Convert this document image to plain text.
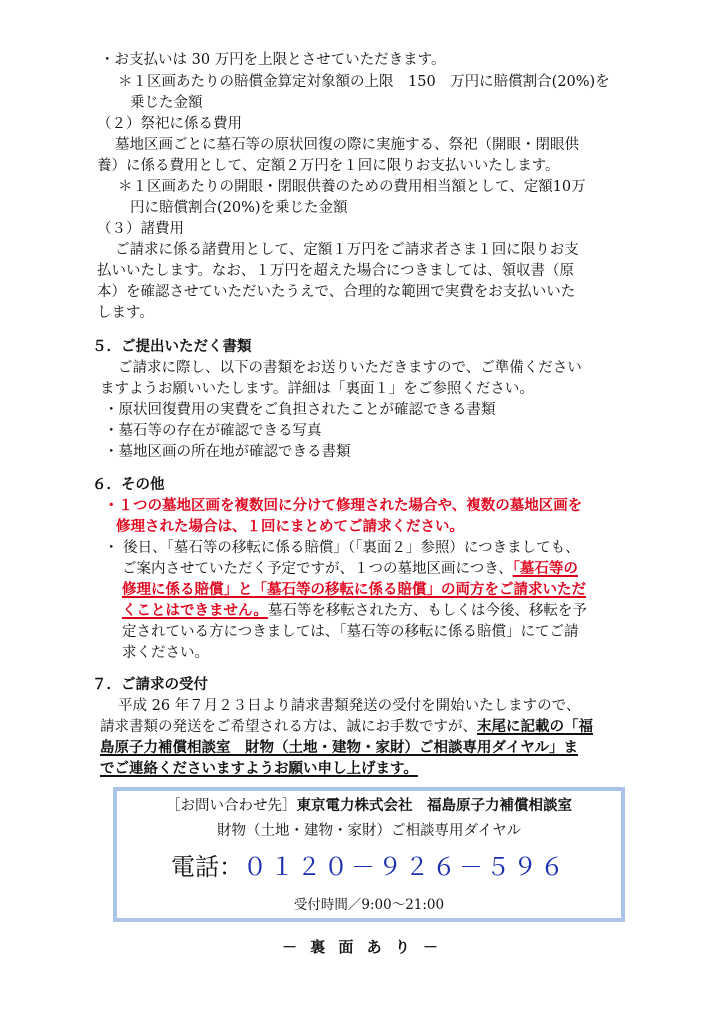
・お支払いは 30 万円を上限とさせていただきます。
＊１区画あたりの賠償金算定対象額の上限　150　万円に賠償割合(20%)を
乗じた金額
（２）祭祀に係る費用
墓地区画ごとに墓石等の原状回復の際に実施する、祭祀（開眼・閉眼供
養）に係る費用として、定額２万円を１回に限りお支払いいたします。
＊１区画あたりの開眼・閉眼供養のための費用相当額として、定額10万
円に賠償割合(20%)を乗じた金額
（３）諸費用
ご請求に係る諸費用として、定額１万円をご請求者さま１回に限りお支
払いいたします。なお、１万円を超えた場合につきましては、領収書（原
本）を確認させていただいたうえで、合理的な範囲で実費をお支払いいた
します。
５．ご提出いただく書類
ご請求に際し、以下の書類をお送りいただきますので、ご準備ください
ますようお願いいたします。詳細は「裏面１」をご参照ください。
・原状回復費用の実費をご負担されたことが確認できる書類
・墓石等の存在が確認できる写真
・墓地区画の所在地が確認できる書類
６．その他
・１つの墓地区画を複数回に分けて修理された場合や、複数の墓地区画を
修理された場合は、１回にまとめてご請求ください。
・ 後日、「墓石等の移転に係る賠償」（「裏面２」参照）につきましても、
ご案内させていただく予定ですが、１つの墓地区画につき、「墓石等の
修理に係る賠償」と「墓石等の移転に係る賠償」の両方をご請求いただ
くことはできません。墓石等を移転された方、もしくは今後、移転を予
定されている方につきましては、「墓石等の移転に係る賠償」にてご請
求ください。
７．ご請求の受付
平成 26 年７月２３日より請求書類発送の受付を開始いたしますので、
請求書類の発送をご希望される方は、誠にお手数ですが、末尾に記載の「福
島原子力補償相談室　財物（土地・建物・家財）ご相談専用ダイヤル」ま
でご連絡くださいますようお願い申し上げます。
［お問い合わせ先］東京電力株式会社　福島原子力補償相談室
財物（土地・建物・家財）ご相談専用ダイヤル
電話：０１２０－９２６－５９６
受付時間／9:00～21:00
－ 裏 面 あ り －
